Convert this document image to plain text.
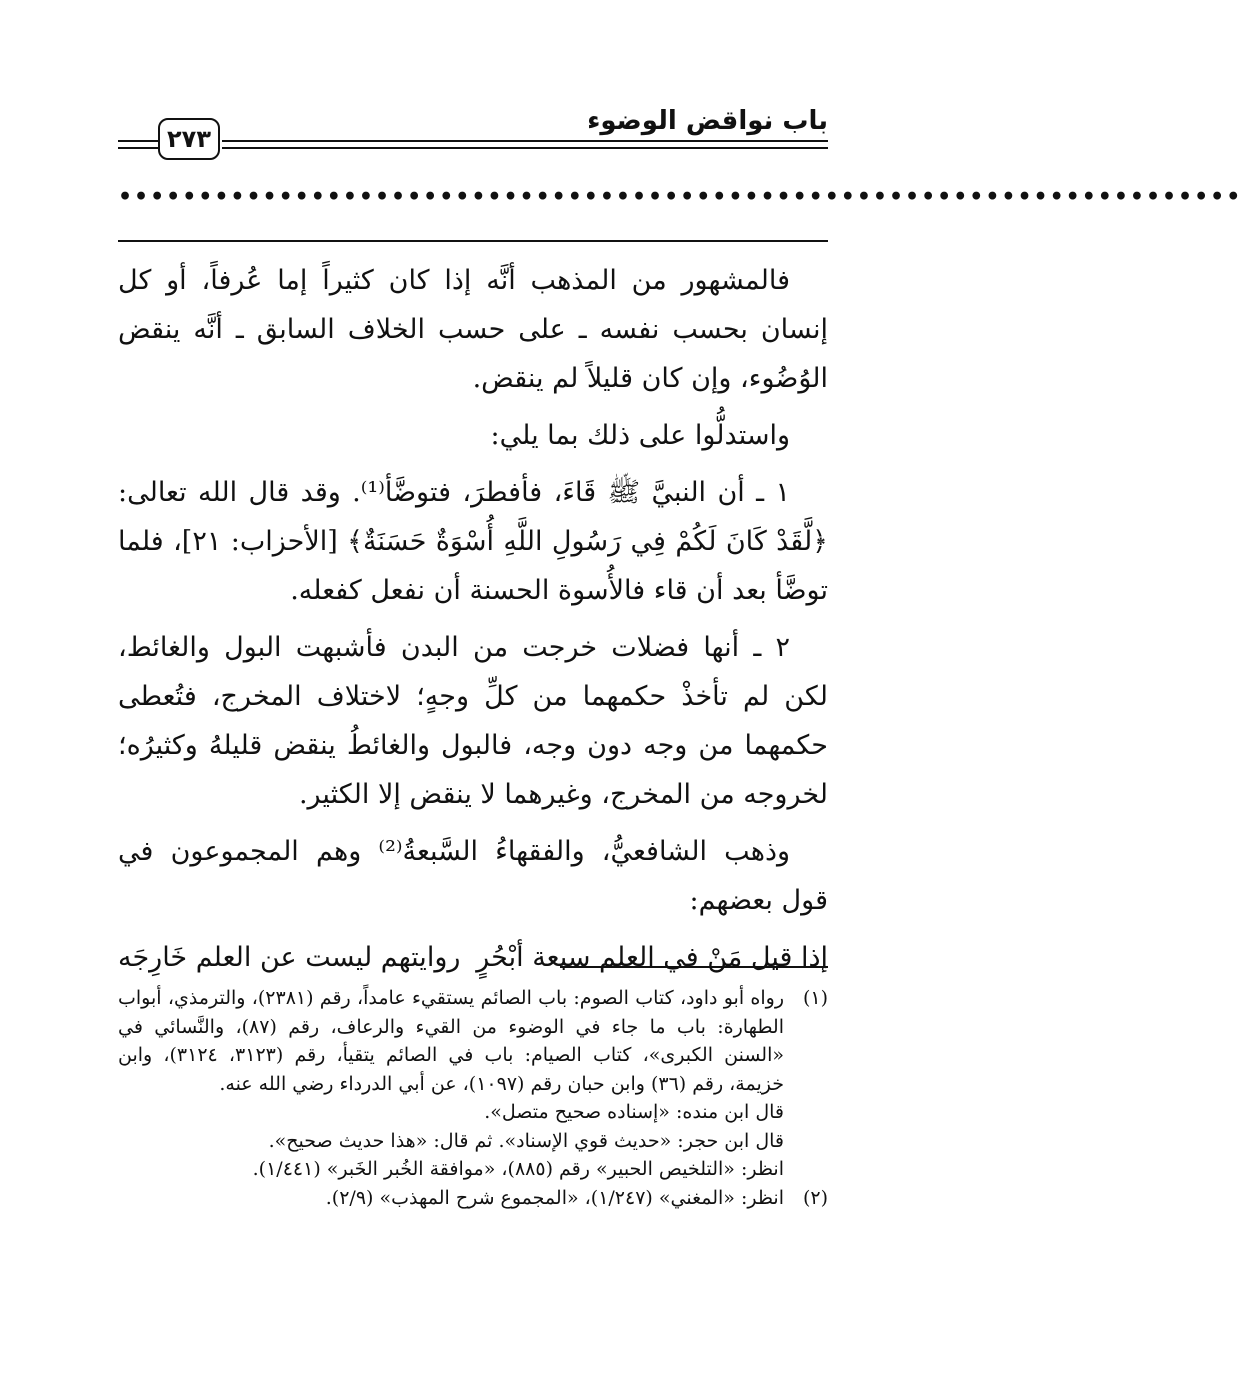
باب نواقض الوضوء
٢٧٣
••••••••••••••••••••••••••••••••••••••••••••••••••••••••••••••••••••••

فالمشهور من المذهب أنَّه إذا كان كثيراً إما عُرفاً، أو كل إنسان بحسب نفسه ـ على حسب الخلاف السابق ـ أنَّه ينقض الوُضُوء، وإن كان قليلاً لم ينقض.

واستدلُّوا على ذلك بما يلي:

١ ـ أن النبيَّ ﷺ قَاءَ، فأفطرَ، فتوضَّأ⁽¹⁾. وقد قال الله تعالى: ﴿لَّقَدْ كَانَ لَكُمْ فِي رَسُولِ اللَّهِ أُسْوَةٌ حَسَنَةٌ﴾ [الأحزاب: ٢١]، فلما توضَّأ بعد أن قاء فالأُسوة الحسنة أن نفعل كفعله.

٢ ـ أنها فضلات خرجت من البدن فأشبهت البول والغائط، لكن لم تأخذْ حكمهما من كلِّ وجهٍ؛ لاختلاف المخرج، فتُعطى حكمهما من وجه دون وجه، فالبول والغائطُ ينقض قليلهُ وكثيرُه؛ لخروجه من المخرج، وغيرهما لا ينقض إلا الكثير.

وذهب الشافعيُّ، والفقهاءُ السَّبعةُ⁽²⁾ وهم المجموعون في قول بعضهم:

إذا قيل مَنْ في العلم سبعة أبْحُرٍ
روايتهم ليست عن العلم خَارِجَه
(١)

رواه أبو داود، كتاب الصوم: باب الصائم يستقيء عامداً، رقم (٢٣٨١)، والترمذي، أبواب الطهارة: باب ما جاء في الوضوء من القيء والرعاف، رقم (٨٧)، والنَّسائي في «السنن الكبرى»، كتاب الصيام: باب في الصائم يتقيأ، رقم (٣١٢٣، ٣١٢٤)، وابن خزيمة، رقم (٣٦) وابن حبان رقم (١٠٩٧)، عن أبي الدرداء رضي الله عنه.

قال ابن منده: «إسناده صحيح متصل».

قال ابن حجر: «حديث قوي الإسناد». ثم قال: «هذا حديث صحيح».

انظر: «التلخيص الحبير» رقم (٨٨٥)، «موافقة الخُبر الخَبر» (١/٤٤١).

(٢)

انظر: «المغني» (١/٢٤٧)، «المجموع شرح المهذب» (٢/٩).
